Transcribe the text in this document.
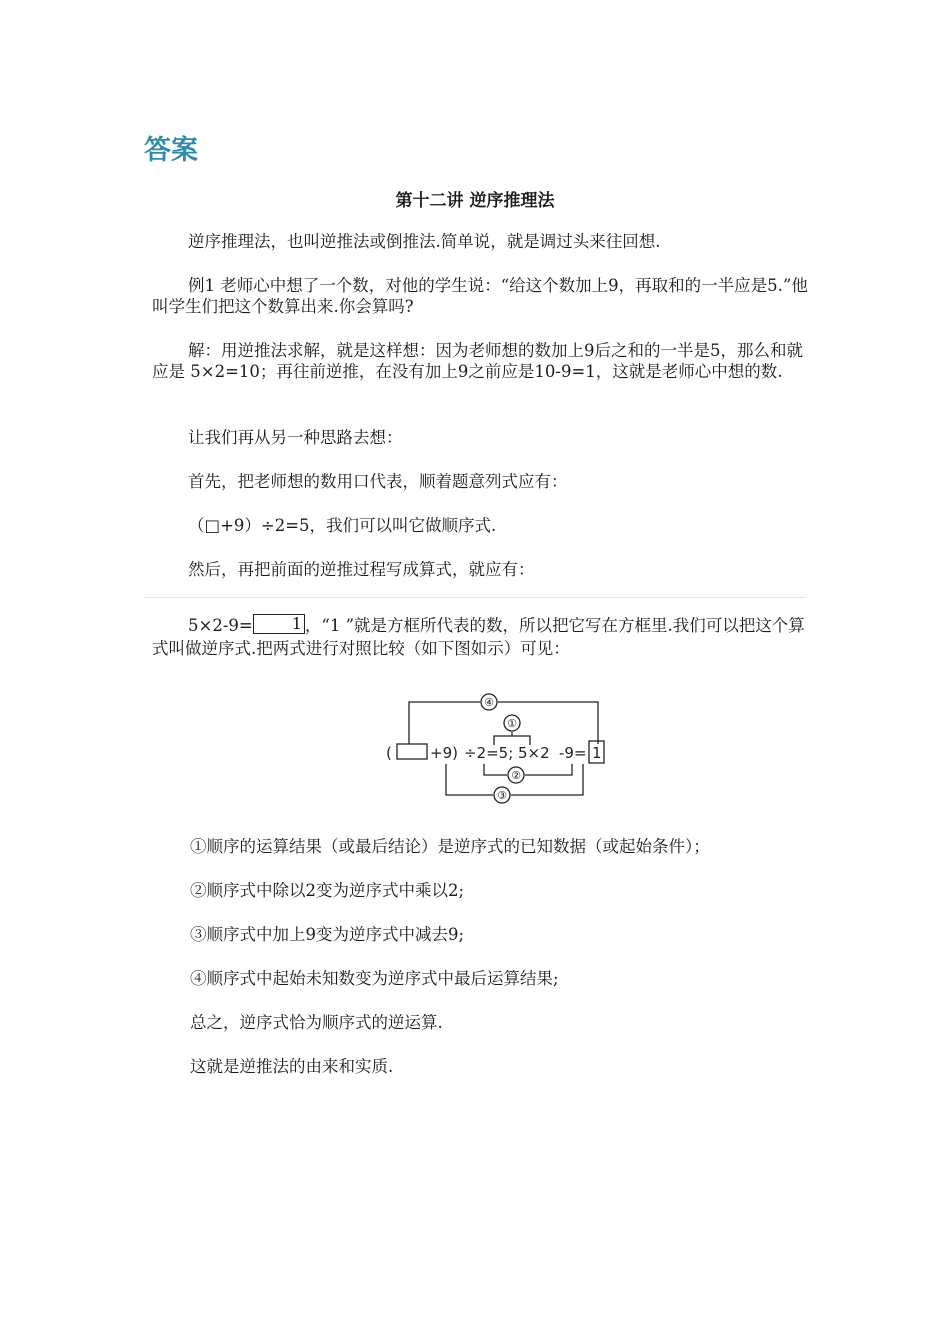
答案
第十二讲 逆序推理法

逆序推理法，也叫逆推法或倒推法.简单说，就是调过头来往回想.

例1 老师心中想了一个数，对他的学生说：“给这个数加上9，再取和的一半应是5.”他叫学生们把这个数算出来.你会算吗?

解：用逆推法求解，就是这样想：因为老师想的数加上9后之和的一半是5，那么和就应是 5×2=10；再往前逆推，在没有加上9之前应是10-9=1，这就是老师心中想的数.

让我们再从另一种思路去想：

首先，把老师想的数用口代表，顺着题意列式应有：

（□+9）÷2=5，我们可以叫它做顺序式.

然后，再把前面的逆推过程写成算式，就应有：

5×2-9= 1 ，“1 ”就是方框所代表的数，所以把它写在方框里.我们可以把这个算式叫做逆序式.把两式进行对照比较（如下图如示）可见：

(	+9) ÷2=5; 5×2 -9= 1
④
①
②
③

①顺序的运算结果（或最后结论）是逆序式的已知数据（或起始条件）；

②顺序式中除以2变为逆序式中乘以2;

③顺序式中加上9变为逆序式中减去9;

④顺序式中起始未知数变为逆序式中最后运算结果;

总之，逆序式恰为顺序式的逆运算.

这就是逆推法的由来和实质.
